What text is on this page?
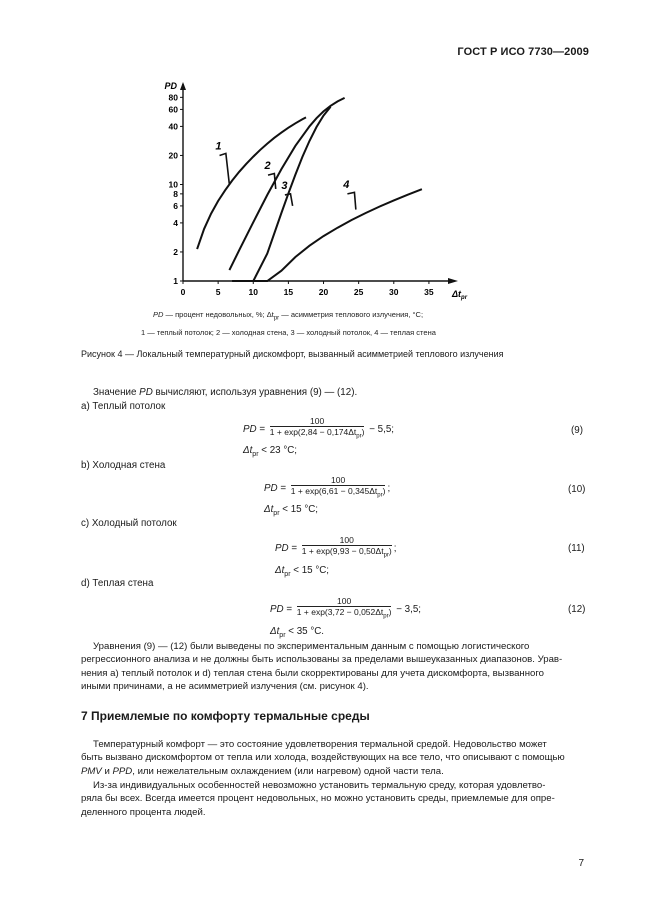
ГОСТ Р ИСО 7730—2009
1
2
4
6
8
10
20
40
60
80
0	5	10	15	20	25	30	35
PD
$\Delta t_{pr}$
1
2
3	4
PD — процент недовольных, %; $\Delta t_{pr}$ — асимметрия теплового излучения, °С;
1 — теплый потолок; 2 — холодная стена, 3 — холодный потолок, 4 — теплая стена
Рисунок 4 — Локальный температурный дискомфорт, вызванный асимметрией теплового излучения
Значение PD вычисляют, используя уравнения (9) — (12).
а) Теплый потолок
PD = $\frac{100}{1 + \exp(2,84 - 0,174\Delta t_{pr})} - 5,5$;	(9)
$\Delta t_{pr} < 23$ °С;
b) Холодная стена
PD = $\frac{100}{1 + \exp(6,61 - 0,345\Delta t_{pr})}$ ;	(10)
$\Delta t_{pr} < 15$ °С;
c) Холодный потолок
PD = $\frac{100}{1 + \exp(9,93 - 0,50\Delta t_{pr})}$ ;	(11)
$\Delta t_{pr} < 15$ °С;
d) Теплая стена
PD = $\frac{100}{1 + \exp(3,72 - 0,052\Delta t_{pr})} - 3,5$;	(12)
$\Delta t_{pr} < 35$ °С.
Уравнения (9) — (12) были выведены по экспериментальным данным с помощью логистического
регрессионного анализа и не должны быть использованы за пределами вышеуказанных диапазонов. Урав-
нения а) теплый потолок и d) теплая стена были скорректированы для учета дискомфорта, вызванного
иными причинами, а не асимметрией излучения (см. рисунок 4).
7 Приемлемые по комфорту термальные среды
Температурный комфорт — это состояние удовлетворения термальной средой. Недовольство может
быть вызвано дискомфортом от тепла или холода, воздействующих на все тело, что описывают с помощью
PMV и PPD, или нежелательным охлаждением (или нагревом) одной части тела.
Из-за индивидуальных особенностей невозможно установить термальную среду, которая удовлетво-
ряла бы всех. Всегда имеется процент недовольных, но можно установить среды, приемлемые для опре-
деленного процента людей.
7
